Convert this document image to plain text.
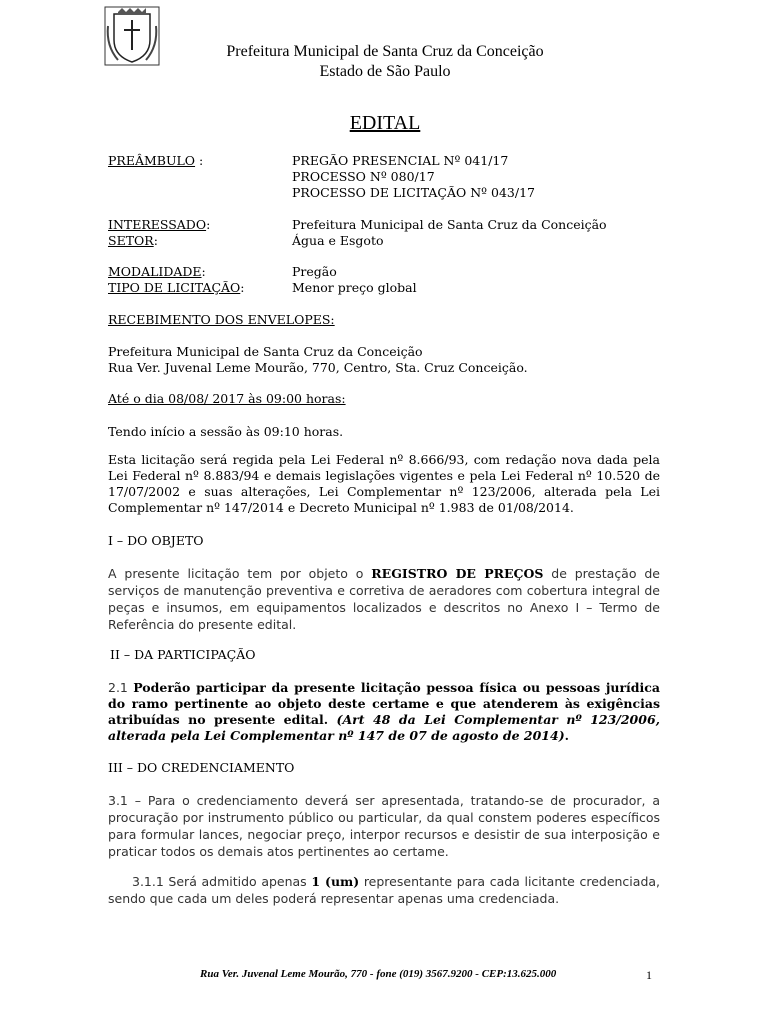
Prefeitura Municipal de Santa Cruz da Conceição
Estado de São Paulo
EDITAL
PREÂMBULO :	PREGÃO PRESENCIAL Nº 041/17
PROCESSO Nº 080/17
PROCESSO DE LICITAÇÃO Nº 043/17
INTERESSADO:	Prefeitura Municipal de Santa Cruz da Conceição
SETOR:	Água e Esgoto
MODALIDADE:	Pregão
TIPO DE LICITAÇÃO:	Menor preço global
RECEBIMENTO DOS ENVELOPES:
Prefeitura Municipal de Santa Cruz da Conceição
Rua Ver. Juvenal Leme Mourão, 770, Centro, Sta. Cruz Conceição.
Até o dia 08/08/ 2017 às 09:00 horas:
Tendo início a sessão às 09:10 horas.
Esta licitação será regida pela Lei Federal nº 8.666/93, com redação nova dada pela Lei Federal nº 8.883/94 e demais legislações vigentes e pela Lei Federal nº 10.520 de 17/07/2002 e suas alterações, Lei Complementar nº 123/2006, alterada pela Lei Complementar nº 147/2014 e Decreto Municipal nº 1.983 de 01/08/2014.
I – DO OBJETO
A presente licitação tem por objeto o REGISTRO DE PREÇOS de prestação de serviços de manutenção preventiva e corretiva de aeradores com cobertura integral de peças e insumos, em equipamentos localizados e descritos no Anexo I – Termo de Referência do presente edital.
II – DA PARTICIPAÇÃO
2.1 Poderão participar da presente licitação pessoa física ou pessoas jurídica do ramo pertinente ao objeto deste certame e que atenderem às exigências atribuídas no presente edital. (Art 48 da Lei Complementar nº 123/2006, alterada pela Lei Complementar nº 147 de 07 de agosto de 2014).
III – DO CREDENCIAMENTO
3.1 – Para o credenciamento deverá ser apresentada, tratando-se de procurador, a procuração por instrumento público ou particular, da qual constem poderes específicos para formular lances, negociar preço, interpor recursos e desistir de sua interposição e praticar todos os demais atos pertinentes ao certame.
3.1.1 Será admitido apenas 1 (um) representante para cada licitante credenciada, sendo que cada um deles poderá representar apenas uma credenciada.
Rua Ver. Juvenal Leme Mourão, 770 - fone (019) 3567.9200 - CEP:13.625.000	1
